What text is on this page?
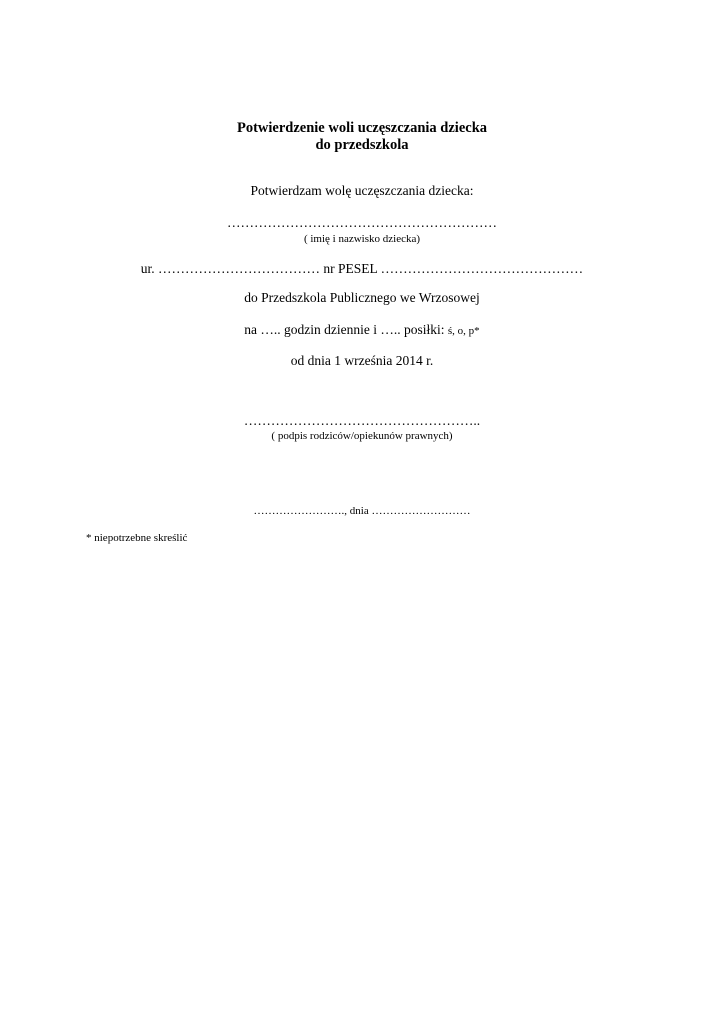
Potwierdzenie woli uczęszczania dziecka
do przedszkola
Potwierdzam wolę uczęszczania dziecka:
……………………………………………………
( imię i nazwisko dziecka)
ur. ……………………………… nr PESEL ………………………………………
do Przedszkola Publicznego we Wrzosowej
na ….. godzin dziennie i ….. posiłki: ś, o, p*
od dnia 1 września 2014 r.
……………………………………………..
( podpis rodziców/opiekunów prawnych)
……………………., dnia ………………………
* niepotrzebne skreślić
